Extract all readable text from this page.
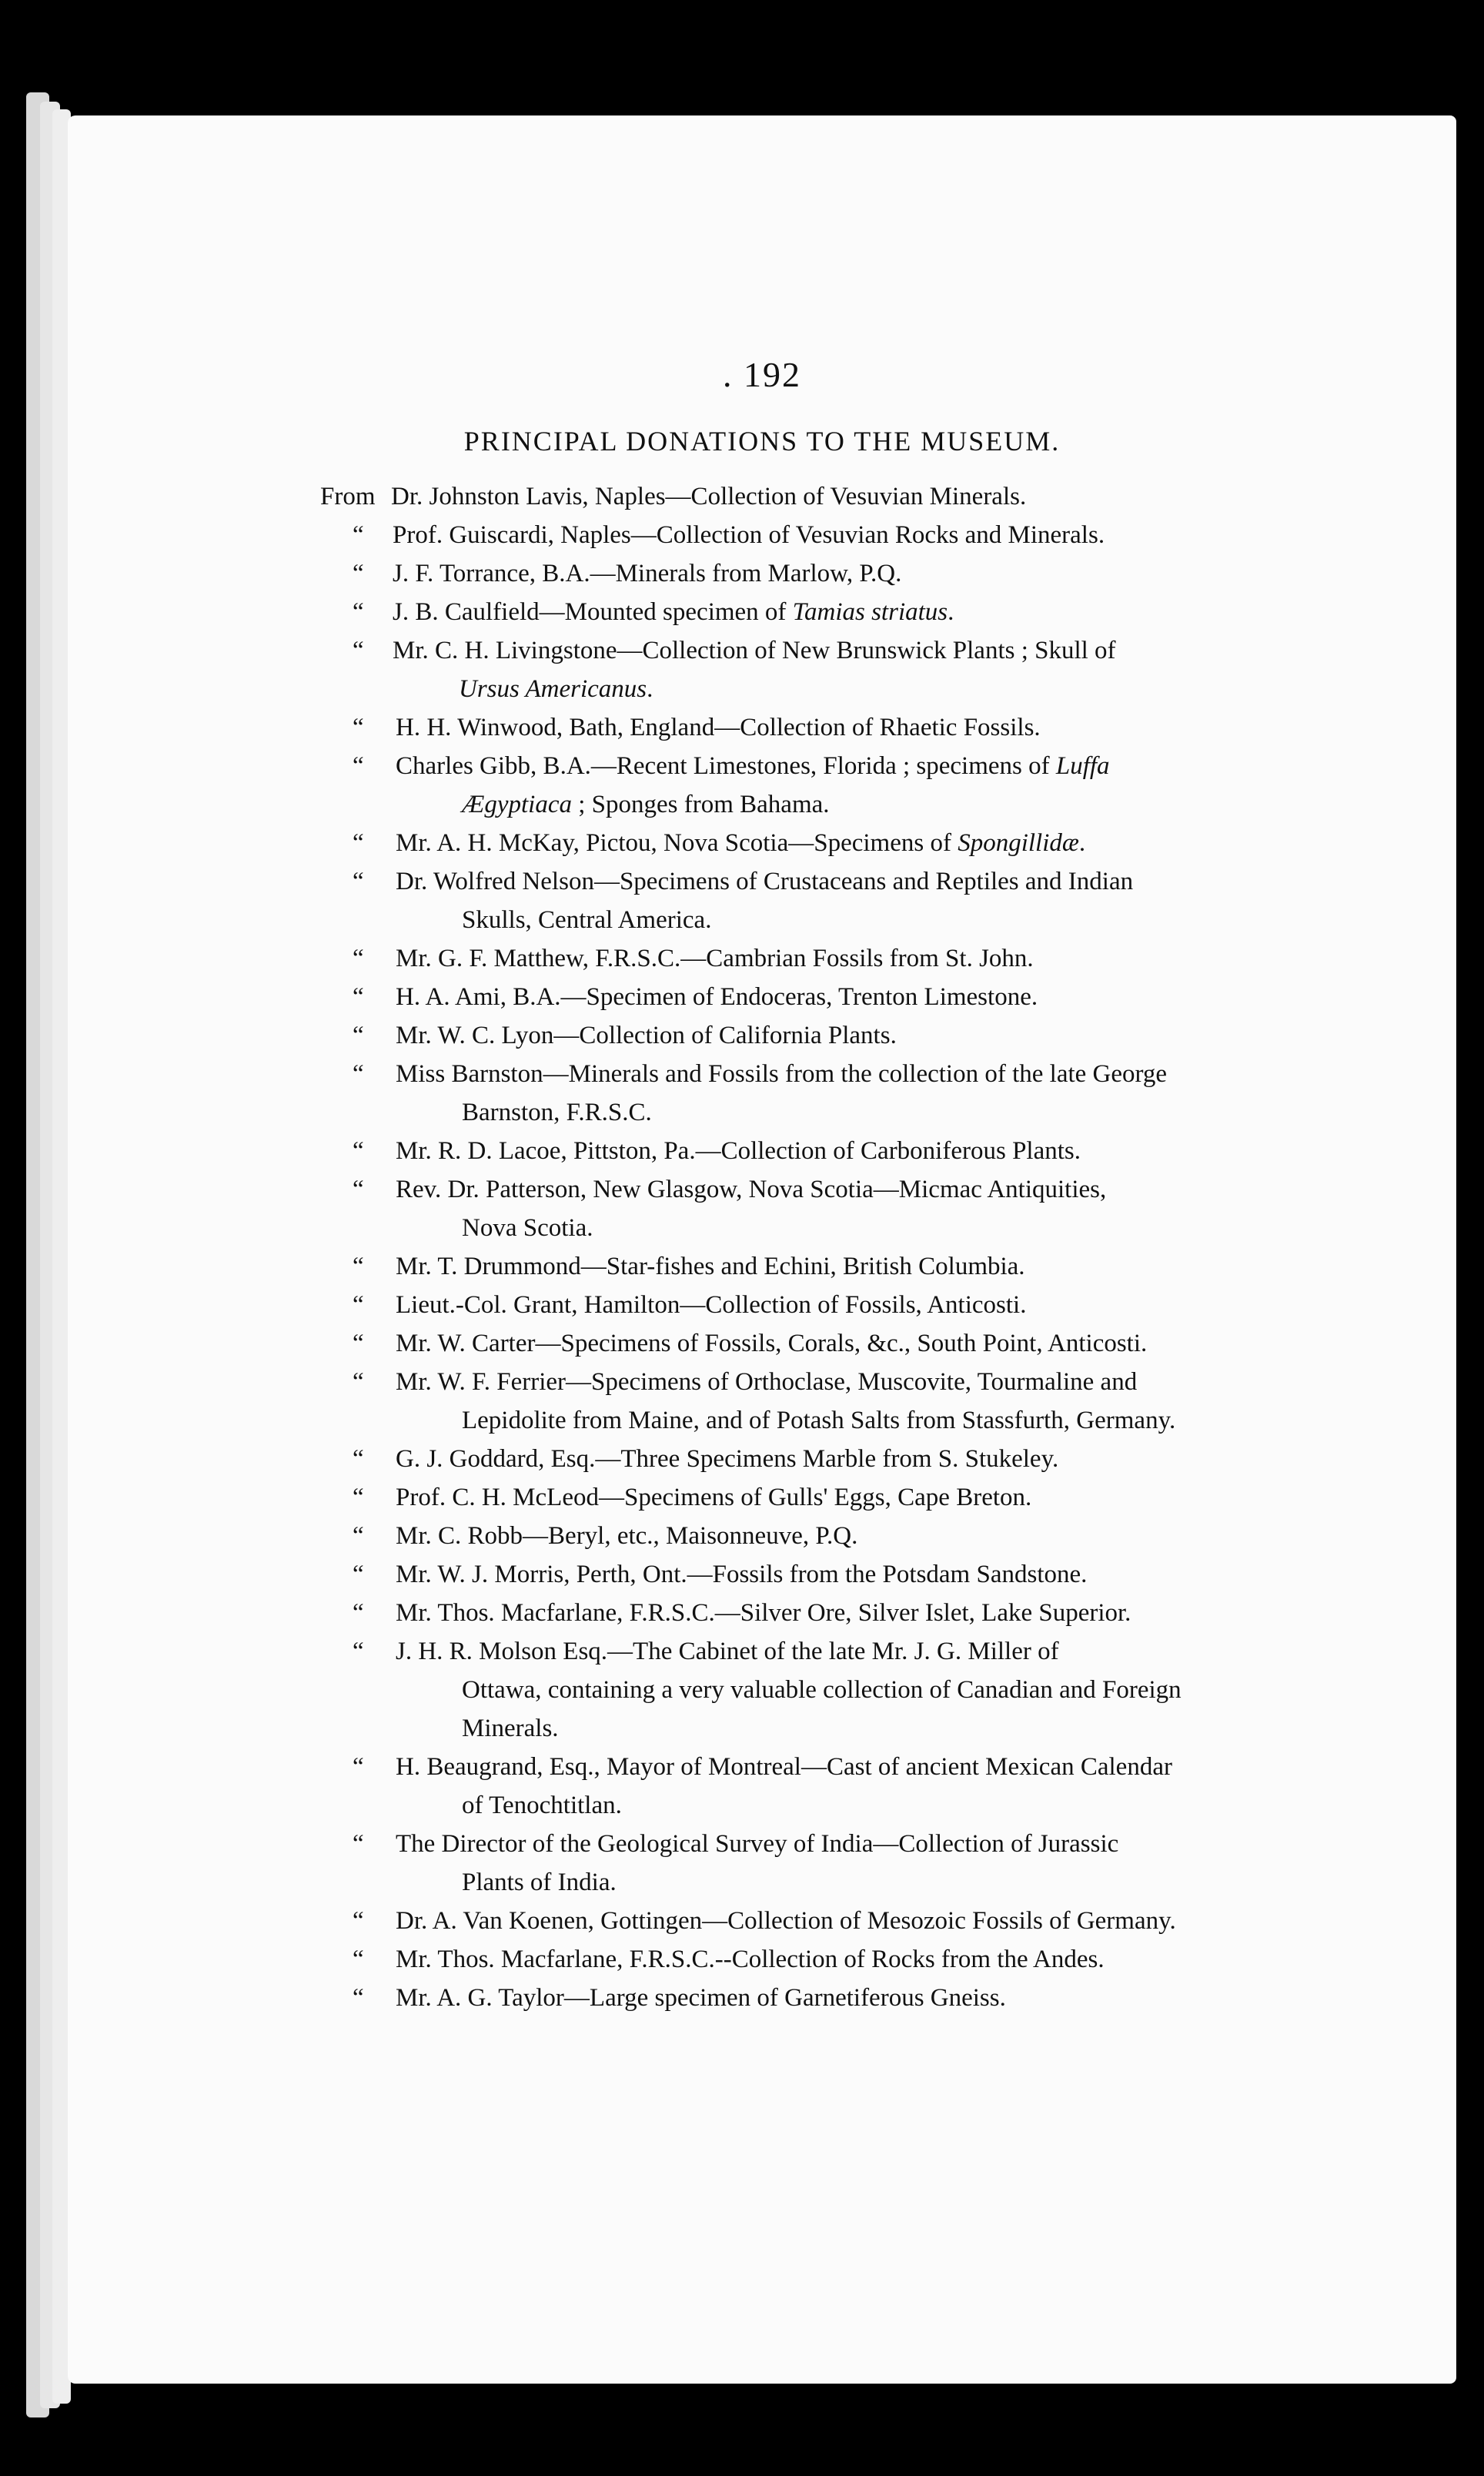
. 192
PRINCIPAL DONATIONS TO THE MUSEUM.
From Dr. Johnston Lavis, Naples—Collection of Vesuvian Minerals.
“ Prof. Guiscardi, Naples—Collection of Vesuvian Rocks and Minerals.
“ J. F. Torrance, B.A.—Minerals from Marlow, P.Q.
“ J. B. Caulfield—Mounted specimen of Tamias striatus.
“ Mr. C. H. Livingstone—Collection of New Brunswick Plants ; Skull of
Ursus Americanus.
“ H. H. Winwood, Bath, England—Collection of Rhaetic Fossils.
“ Charles Gibb, B.A.—Recent Limestones, Florida ; specimens of Luffa
Ægyptiaca ; Sponges from Bahama.
“ Mr. A. H. McKay, Pictou, Nova Scotia—Specimens of Spongillidæ.
“ Dr. Wolfred Nelson—Specimens of Crustaceans and Reptiles and Indian
Skulls, Central America.
“ Mr. G. F. Matthew, F.R.S.C.—Cambrian Fossils from St. John.
“ H. A. Ami, B.A.—Specimen of Endoceras, Trenton Limestone.
“ Mr. W. C. Lyon—Collection of California Plants.
“ Miss Barnston—Minerals and Fossils from the collection of the late George
Barnston, F.R.S.C.
“ Mr. R. D. Lacoe, Pittston, Pa.—Collection of Carboniferous Plants.
“ Rev. Dr. Patterson, New Glasgow, Nova Scotia—Micmac Antiquities,
Nova Scotia.
“ Mr. T. Drummond—Star-fishes and Echini, British Columbia.
“ Lieut.-Col. Grant, Hamilton—Collection of Fossils, Anticosti.
“ Mr. W. Carter—Specimens of Fossils, Corals, &c., South Point, Anticosti.
“ Mr. W. F. Ferrier—Specimens of Orthoclase, Muscovite, Tourmaline and
Lepidolite from Maine, and of Potash Salts from Stassfurth, Germany.
“ G. J. Goddard, Esq.—Three Specimens Marble from S. Stukeley.
“ Prof. C. H. McLeod—Specimens of Gulls' Eggs, Cape Breton.
“ Mr. C. Robb—Beryl, etc., Maisonneuve, P.Q.
“ Mr. W. J. Morris, Perth, Ont.—Fossils from the Potsdam Sandstone.
“ Mr. Thos. Macfarlane, F.R.S.C.—Silver Ore, Silver Islet, Lake Superior.
“ J. H. R. Molson Esq.—The Cabinet of the late Mr. J. G. Miller of
Ottawa, containing a very valuable collection of Canadian and Foreign
Minerals.
“ H. Beaugrand, Esq., Mayor of Montreal—Cast of ancient Mexican Calendar
of Tenochtitlan.
“ The Director of the Geological Survey of India—Collection of Jurassic
Plants of India.
“ Dr. A. Van Koenen, Gottingen—Collection of Mesozoic Fossils of Germany.
“ Mr. Thos. Macfarlane, F.R.S.C.--Collection of Rocks from the Andes.
“ Mr. A. G. Taylor—Large specimen of Garnetiferous Gneiss.
